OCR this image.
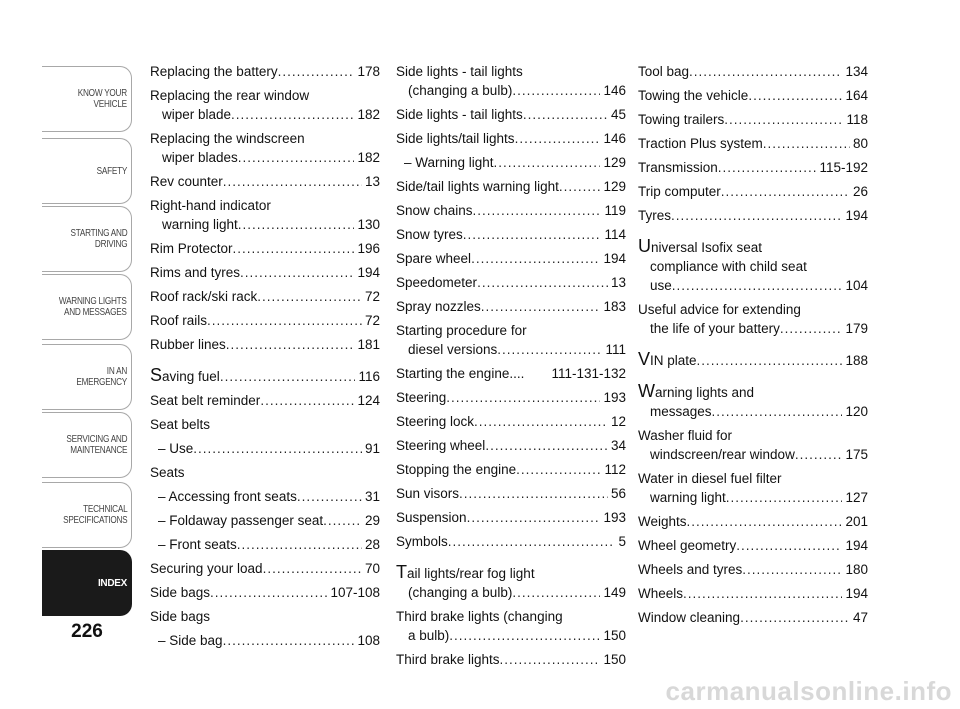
KNOW YOUR
VEHICLE
SAFETY
STARTING AND
DRIVING
WARNING LIGHTS
AND MESSAGES
IN AN EMERGENCY
SERVICING AND
MAINTENANCE
TECHNICAL
SPECIFICATIONS
INDEX
226
Replacing the battery .....	178
Replacing the rear window
wiper blade .....	182
Replacing the windscreen
wiper blades .....	182
Rev counter .....	13
Right-hand indicator
warning light .....	130
Rim Protector .....	196
Rims and tyres .....	194
Roof rack/ski rack .....	72
Roof rails .....	72
Rubber lines .....	181
Saving fuel .....	116
Seat belt reminder .....	124
Seat belts
– Use .....	91
Seats
– Accessing front seats .....	31
– Foldaway passenger seat .....	29
– Front seats .....	28
Securing your load .....	70
Side bags .....	107-108
Side bags
– Side bag .....	108
Side lights - tail lights
(changing a bulb) .....	146
Side lights - tail lights .....	45
Side lights/tail lights .....	146
– Warning light .....	129
Side/tail lights warning light .....	129
Snow chains .....	119
Snow tyres .....	114
Spare wheel .....	194
Speedometer .....	13
Spray nozzles .....	183
Starting procedure for
diesel versions .....	111
Starting the engine.... 111-131-132
Steering .....	193
Steering lock .....	12
Steering wheel .....	34
Stopping the engine .....	112
Sun visors .....	56
Suspension .....	193
Symbols .....	5
Tail lights/rear fog light
(changing a bulb) .....	149
Third brake lights (changing
a bulb) .....	150
Third brake lights .....	150
Tool bag .....	134
Towing the vehicle .....	164
Towing trailers .....	118
Traction Plus system .....	80
Transmission .....	115-192
Trip computer .....	26
Tyres .....	194
Universal Isofix seat
compliance with child seat
use .....	104
Useful advice for extending
the life of your battery .....	179
VIN plate .....	188
Warning lights and
messages .....	120
Washer fluid for
windscreen/rear window .....	175
Water in diesel fuel filter
warning light .....	127
Weights .....	201
Wheel geometry .....	194
Wheels and tyres .....	180
Wheels .....	194
Window cleaning .....	47
carmanualsonline.info
